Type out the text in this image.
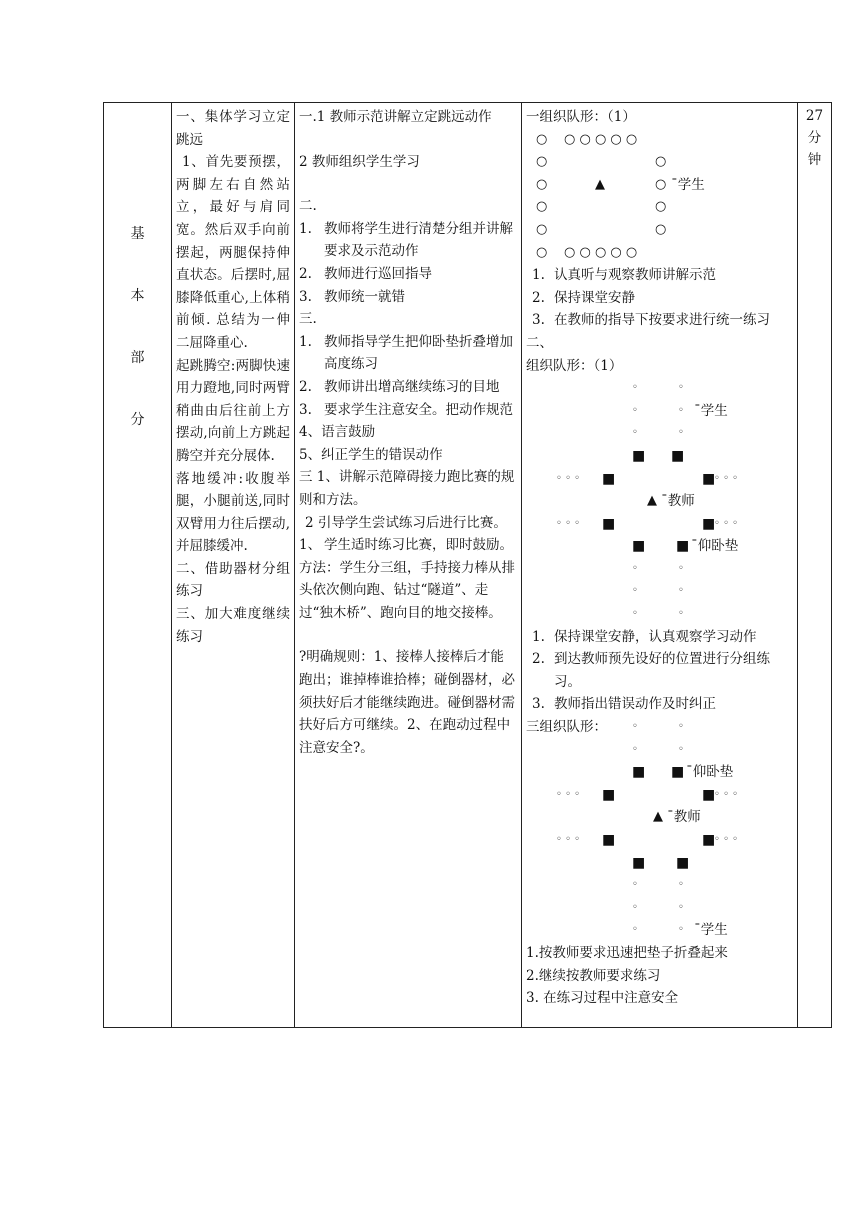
基
本
部
分

一、集体学习立定跳远
1、首先要预摆，两脚左右自然站立，最好与肩同宽。然后双手向前摆起，两腿保持伸直状态。后摆时,屈膝降低重心,上体稍前倾. 总结为一伸二屈降重心.
起跳腾空:两脚快速用力蹬地,同时两臂稍曲由后往前上方摆动,向前上方跳起腾空并充分展体.
落地缓冲:收腹举腿，小腿前送,同时双臂用力往后摆动,并屈膝缓冲.
二、借助器材分组练习
三、加大难度继续练习

一.1 教师示范讲解立定跳远动作
2 教师组织学生学习
二.
1. 教师将学生进行清楚分组并讲解要求及示范动作
2. 教师进行巡回指导
3. 教师统一就错
三.
1. 教师指导学生把仰卧垫折叠增加高度练习
2. 教师讲出增高继续练习的目地
3. 要求学生注意安全。把动作规范
4、语言鼓励
5、纠正学生的错误动作
三 1、讲解示范障碍接力跑比赛的规则和方法。
2 引导学生尝试练习后进行比赛。
1、 学生适时练习比赛，即时鼓励。
方法：学生分三组，手持接力棒从排头依次侧向跑、钻过“隧道”、走过“独木桥”、跑向目的地交接棒。
?明确规则：1、接棒人接棒后才能跑出；谁掉棒谁拾棒；碰倒器材，必须扶好后才能继续跑进。碰倒器材需扶好后方可继续。2、在跑动过程中注意安全?。

一组织队形：（1）
○ ○ ○ ○ ○ ○
○	○
○	▲	○ ˉ学生
○	○
○	○
○ ○ ○ ○ ○ ○
1. 认真听与观察教师讲解示范
2. 保持课堂安静
3. 在教师的指导下按要求进行统一练习
二、
组织队形：（1）
◦	◦
◦	◦ ˉ学生
◦	◦
■ ■
◦ ◦ ◦ ■	■
◦ ◦ ◦
▲ ˉ教师
◦ ◦ ◦ ■	■
◦ ◦ ◦
■ ■ ˉ仰卧垫
◦	◦
◦	◦
◦	◦
1. 保持课堂安静，认真观察学习动作
2. 到达教师预先设好的位置进行分组练习。
3. 教师指出错误动作及时纠正
三组织队形：	◦	◦
◦	◦
■ ■ ˉ仰卧垫
◦ ◦ ◦ ■	■
◦ ◦ ◦
▲ ˉ教师
◦ ◦ ◦ ■	■
◦ ◦ ◦
■ ■
◦	◦
◦	◦
◦	◦ ˉ学生
1.按教师要求迅速把垫子折叠起来
2.继续按教师要求练习
3. 在练习过程中注意安全

27
分
钟
